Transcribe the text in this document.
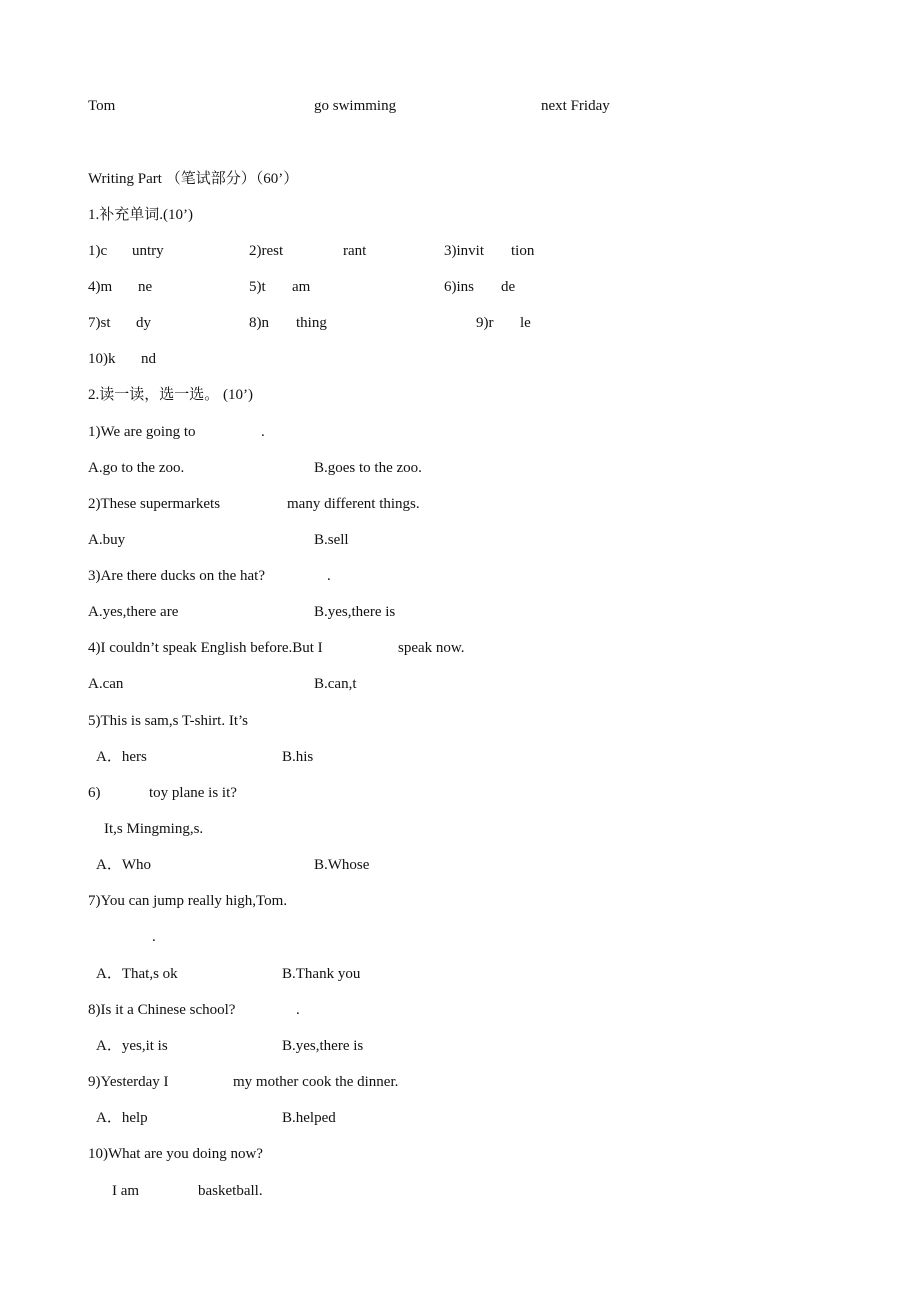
Tom	go swimming	next Friday
Writing Part （笔试部分）（60’）
1.补充单词.(10’)
1)c untry	2)rest	rant	3)invit tion
4)m ne	5)t am	6)ins de
7)st dy	8)n thing	9)r le
10)k nd
2.读一读，选一选。 (10’)
1)We are going to	.
A.go to the zoo.	B.goes to the zoo.
2)These supermarkets	many different things.
A.buy	B.sell
3)Are there ducks on the hat?	.
A.yes,there are	B.yes,there is
4)I couldn’t speak English before.But I	speak now.
A.can	B.can,t
5)This is sam,s T-shirt. It’s
A．hers	B.his
6)	toy plane is it?
It,s Mingming,s.
A．Who	B.Whose
7)You can jump really high,Tom.
.
A．That,s ok	B.Thank you
8)Is it a Chinese school?	.
A．yes,it is	B.yes,there is
9)Yesterday I	my mother cook the dinner.
A．help	B.helped
10)What are you doing now?
I am	basketball.
